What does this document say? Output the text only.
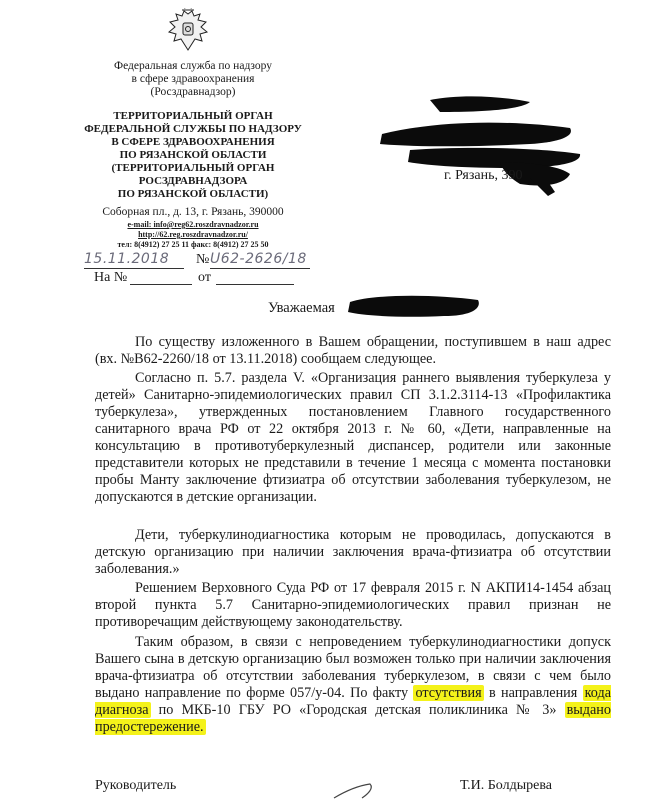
Федеральная служба по надзору
в сфере здравоохранения
(Росздравнадзор)
ТЕРРИТОРИАЛЬНЫЙ ОРГАН
ФЕДЕРАЛЬНОЙ СЛУЖБЫ ПО НАДЗОРУ
В СФЕРЕ ЗДРАВООХРАНЕНИЯ
ПО РЯЗАНСКОЙ ОБЛАСТИ
(ТЕРРИТОРИАЛЬНЫЙ ОРГАН
РОСЗДРАВНАДЗОРА
ПО РЯЗАНСКОЙ ОБЛАСТИ)
Соборная пл., д. 13, г. Рязань, 390000
e-mail: info@reg62.roszdravnadzor.ru
http://62.reg.roszdravnadzor.ru/
тел: 8(4912) 27 25 11 факс: 8(4912) 27 25 50
15.11.2018	№ U62-2626/18
На №	от
г. Рязань, 390
Уважаемая

По существу изложенного в Вашем обращении, поступившем в наш адрес (вх. №В62-2260/18 от 13.11.2018) сообщаем следующее.

Согласно п. 5.7. раздела V. «Организация раннего выявления туберкулеза у детей» Санитарно-эпидемиологических правил СП 3.1.2.3114-13 «Профилактика туберкулеза», утвержденных постановлением Главного государственного санитарного врача РФ от 22 октября 2013 г. № 60, «Дети, направленные на консультацию в противотуберкулезный диспансер, родители или законные представители которых не представили в течение 1 месяца с момента постановки пробы Манту заключение фтизиатра об отсутствии заболевания туберкулезом, не допускаются в детские организации.

Дети, туберкулинодиагностика которым не проводилась, допускаются в детскую организацию при наличии заключения врача-фтизиатра об отсутствии заболевания.»

Решением Верховного Суда РФ от 17 февраля 2015 г. N АКПИ14-1454 абзац второй пункта 5.7 Санитарно-эпидемиологических правил признан не противоречащим действующему законодательству.

Таким образом, в связи с непроведением туберкулинодиагностики допуск Вашего сына в детскую организацию был возможен только при наличии заключения врача-фтизиатра об отсутствии заболевания туберкулезом, в связи с чем было выдано направление по форме 057/у-04. По факту отсутствия в направления кода диагноза по МКБ-10 ГБУ РО «Городская детская поликлиника № 3» выдано предостережение.

Руководитель	Т.И. Болдырева
